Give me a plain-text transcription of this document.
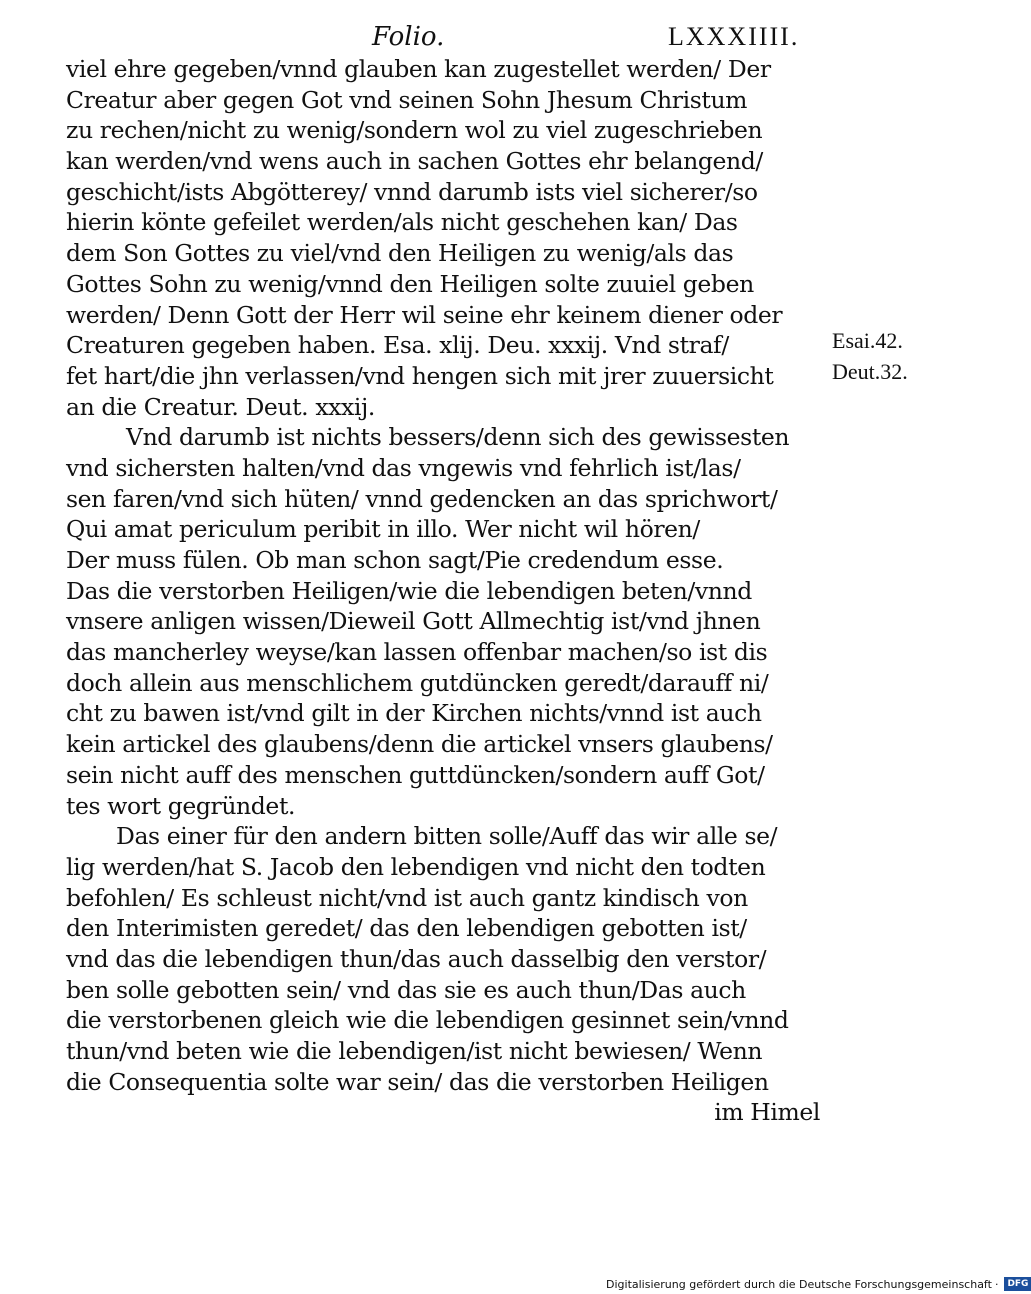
Folio.	LXXXIIII.
viel ehre gegeben/vnnd glauben kan zugestellet werden/ Der
Creatur aber gegen Got vnd seinen Sohn Jhesum Christum
zu rechen/nicht zu wenig/sondern wol zu viel zugeschrieben
kan werden/vnd wens auch in sachen Gottes ehr belangend/
geschicht/ists Abgötterey/ vnnd darumb ists viel sicherer/so
hierin könte gefeilet werden/als nicht geschehen kan/ Das
dem Son Gottes zu viel/vnd den Heiligen zu wenig/als das
Gottes Sohn zu wenig/vnnd den Heiligen solte zuuiel geben
werden/ Denn Gott der Herr wil seine ehr keinem diener oder
Creaturen gegeben haben. Esa. xlij. Deu. xxxij. Vnd straf/
fet hart/die jhn verlassen/vnd hengen sich mit jrer zuuersicht
an die Creatur. Deut. xxxij.
Vnd darumb ist nichts bessers/denn sich des gewissesten
vnd sichersten halten/vnd das vngewis vnd fehrlich ist/las/
sen faren/vnd sich hüten/ vnnd gedencken an das sprichwort/
Qui amat periculum peribit in illo. Wer nicht wil hören/
Der muss fülen. Ob man schon sagt/Pie credendum esse.
Das die verstorben Heiligen/wie die lebendigen beten/vnnd
vnsere anligen wissen/Dieweil Gott Allmechtig ist/vnd jhnen
das mancherley weyse/kan lassen offenbar machen/so ist dis
doch allein aus menschlichem gutdüncken geredt/darauff ni/
cht zu bawen ist/vnd gilt in der Kirchen nichts/vnnd ist auch
kein artickel des glaubens/denn die artickel vnsers glaubens/
sein nicht auff des menschen guttdüncken/sondern auff Got/
tes wort gegründet.
Das einer für den andern bitten solle/Auff das wir alle se/
lig werden/hat S. Jacob den lebendigen vnd nicht den todten
befohlen/ Es schleust nicht/vnd ist auch gantz kindisch von
den Interimisten geredet/ das den lebendigen gebotten ist/
vnd das die lebendigen thun/das auch dasselbig den verstor/
ben solle gebotten sein/ vnd das sie es auch thun/Das auch
die verstorbenen gleich wie die lebendigen gesinnet sein/vnnd
thun/vnd beten wie die lebendigen/ist nicht bewiesen/ Wenn
die Consequentia solte war sein/ das die verstorben Heiligen
im Himel
Esai.42.
Deut.32.
Digitalisierung gefördert durch die Deutsche Forschungsgemeinschaft ·	DFG
